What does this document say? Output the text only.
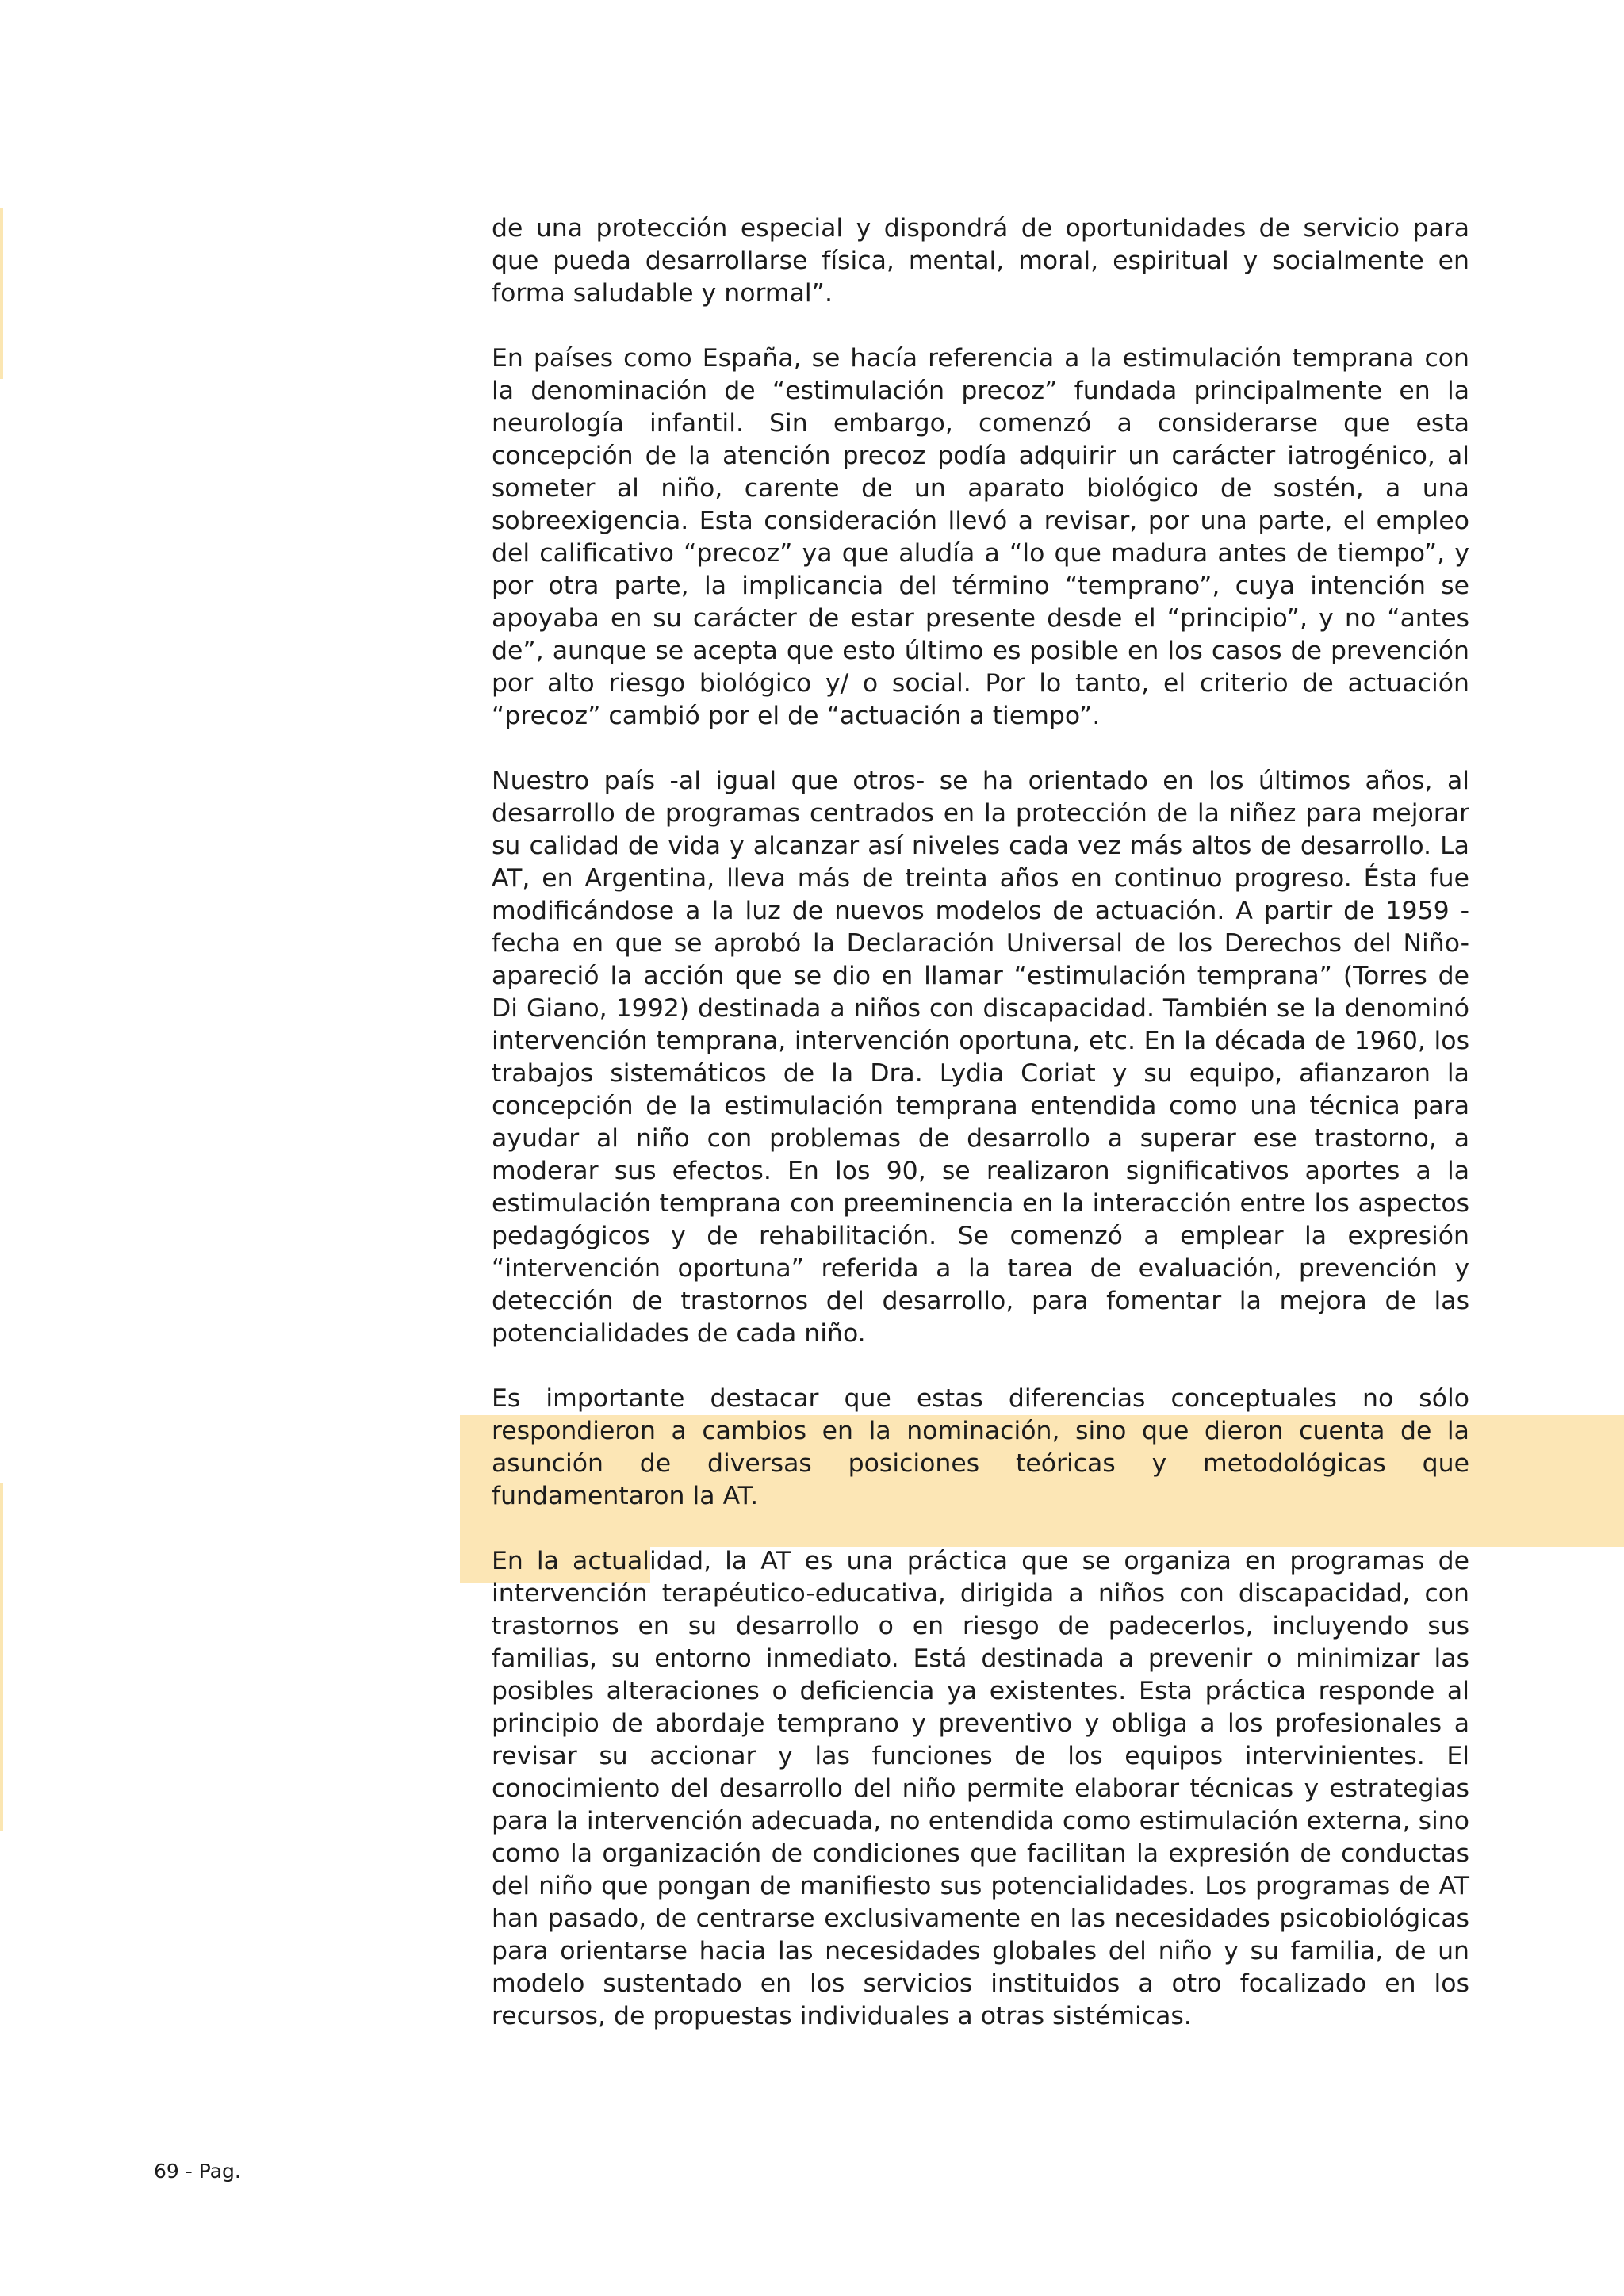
de una protección especial y dispondrá de oportunidades de servicio para que pueda desarrollarse física, mental, moral, espiritual y socialmente en forma saludable y normal”.

En países como España, se hacía referencia a la estimulación temprana con la denominación de “estimulación precoz” fundada principalmente en la neurología infantil. Sin embargo, comenzó a considerarse que esta concepción de la atención precoz podía adquirir un carácter iatrogénico, al someter al niño, carente de un aparato biológico de sostén, a una sobreexigencia. Esta consideración llevó a revisar, por una parte, el empleo del calificativo “precoz” ya que aludía a “lo que madura antes de tiempo”, y por otra parte, la implicancia del término “temprano”, cuya intención se apoyaba en su carácter de estar presente desde el “principio”, y no “antes de”, aunque se acepta que esto último es posible en los casos de prevención por alto riesgo biológico y/ o social. Por lo tanto, el criterio de actuación “precoz” cambió por el de “actuación a tiempo”.

Nuestro país -al igual que otros- se ha orientado en los últimos años, al desarrollo de programas centrados en la protección de la niñez para mejorar su calidad de vida y alcanzar así niveles cada vez más altos de desarrollo. La AT, en Argentina, lleva más de treinta años en continuo progreso. Ésta fue modificándose a la luz de nuevos modelos de actuación. A partir de 1959 -fecha en que se aprobó la Declaración Universal de los Derechos del Niño- apareció la acción que se dio en llamar “estimulación temprana” (Torres de Di Giano, 1992) destinada a niños con discapacidad. También se la denominó intervención temprana, intervención oportuna, etc. En la década de 1960, los trabajos sistemáticos de la Dra. Lydia Coriat y su equipo, afianzaron la concepción de la estimulación temprana entendida como una técnica para ayudar al niño con problemas de desarrollo a superar ese trastorno, a moderar sus efectos. En los 90, se realizaron significativos aportes a la estimulación temprana con preeminencia en la interacción entre los aspectos pedagógicos y de rehabilitación. Se comenzó a emplear la expresión “intervención oportuna” referida a la tarea de evaluación, prevención y detección de trastornos del desarrollo, para fomentar la mejora de las potencialidades de cada niño.

Es importante destacar que estas diferencias conceptuales no sólo respondieron a cambios en la nominación, sino que dieron cuenta de la asunción de diversas posiciones teóricas y metodológicas que fundamentaron la AT.

En la actualidad, la AT es una práctica que se organiza en programas de intervención terapéutico-educativa, dirigida a niños con discapacidad, con trastornos en su desarrollo o en riesgo de padecerlos, incluyendo sus familias, su entorno inmediato. Está destinada a prevenir o minimizar las posibles alteraciones o deficiencia ya existentes. Esta práctica responde al principio de abordaje temprano y preventivo y obliga a los profesionales a revisar su accionar y las funciones de los equipos intervinientes. El conocimiento del desarrollo del niño permite elaborar técnicas y estrategias para la intervención adecuada, no entendida como estimulación externa, sino como la organización de condiciones que facilitan la expresión de conductas del niño que pongan de manifiesto sus potencialidades. Los programas de AT han pasado, de centrarse exclusivamente en las necesidades psicobiológicas para orientarse hacia las necesidades globales del niño y su familia, de un modelo sustentado en los servicios instituidos a otro focalizado en los recursos, de propuestas individuales a otras sistémicas.

69 - Pag.
